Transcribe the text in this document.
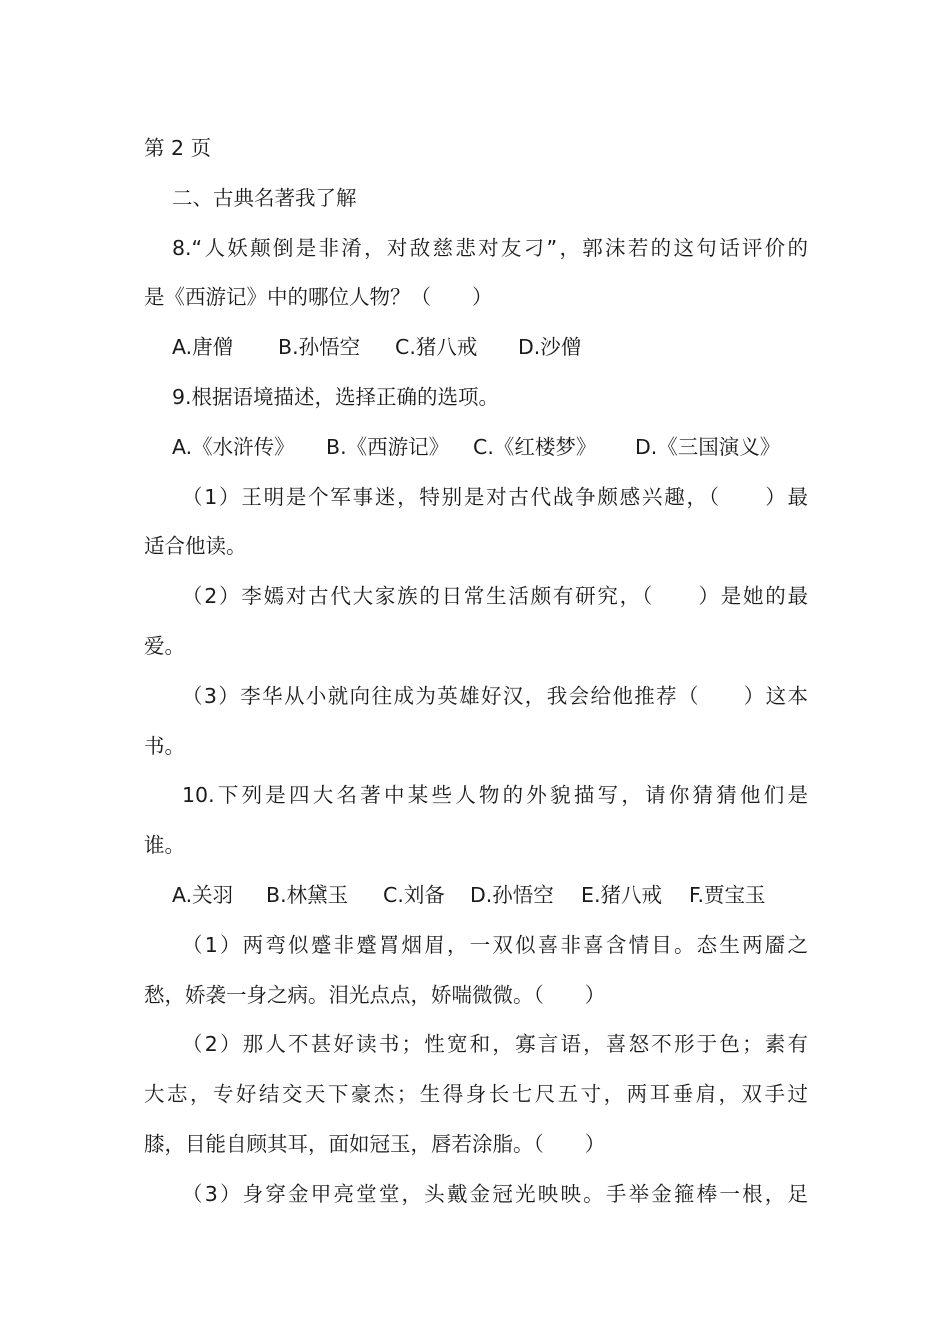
第 2 页
二、古典名著我了解
8.“人妖颠倒是非淆，对敌慈悲对友刁”，郭沫若的这句话评价的
是《西游记》中的哪位人物？（　　）
A.唐僧 B.孙悟空 C.猪八戒 D.沙僧
9.根据语境描述，选择正确的选项。
A.《水浒传》 B.《西游记》 C.《红楼梦》 D.《三国演义》
（1）王明是个军事迷，特别是对古代战争颇感兴趣，（　　）最
适合他读。
（2）李嫣对古代大家族的日常生活颇有研究，（　　）是她的最
爱。
（3）李华从小就向往成为英雄好汉，我会给他推荐（　　）这本
书。
10.下列是四大名著中某些人物的外貌描写，请你猜猜他们是
谁。
A.关羽 B.林黛玉 C.刘备 D.孙悟空 E.猪八戒 F.贾宝玉
（1）两弯似蹙非蹙罥烟眉，一双似喜非喜含情目。态生两靥之
愁，娇袭一身之病。泪光点点，娇喘微微。（　　）
（2）那人不甚好读书；性宽和，寡言语，喜怒不形于色；素有
大志，专好结交天下豪杰；生得身长七尺五寸，两耳垂肩，双手过
膝，目能自顾其耳，面如冠玉，唇若涂脂。（　　）
（3）身穿金甲亮堂堂，头戴金冠光映映。手举金箍棒一根，足
